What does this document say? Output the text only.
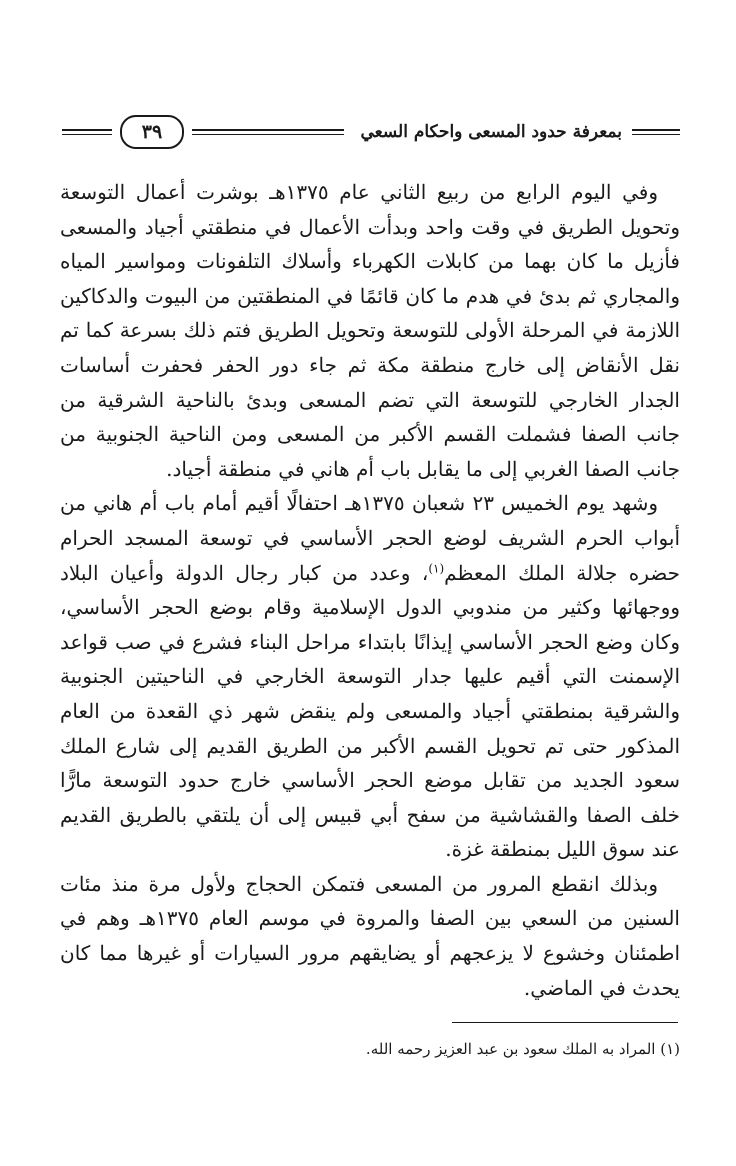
بمعرفة حدود المسعى واحكام السعي
٣٩

وفي اليوم الرابع من ربيع الثاني عام ١٣٧٥هـ بوشرت أعمال التوسعة وتحويل الطريق في وقت واحد وبدأت الأعمال في منطقتي أجياد والمسعى فأزيل ما كان بهما من كابلات الكهرباء وأسلاك التلفونات ومواسير المياه والمجاري ثم بدئ في هدم ما كان قائمًا في المنطقتين من البيوت والدكاكين اللازمة في المرحلة الأولى للتوسعة وتحويل الطريق فتم ذلك بسرعة كما تم نقل الأنقاض إلى خارج منطقة مكة ثم جاء دور الحفر فحفرت أساسات الجدار الخارجي للتوسعة التي تضم المسعى وبدئ بالناحية الشرقية من جانب الصفا فشملت القسم الأكبر من المسعى ومن الناحية الجنوبية من جانب الصفا الغربي إلى ما يقابل باب أم هاني في منطقة أجياد.

وشهد يوم الخميس ٢٣ شعبان ١٣٧٥هـ احتفالًا أقيم أمام باب أم هاني من أبواب الحرم الشريف لوضع الحجر الأساسي في توسعة المسجد الحرام حضره جلالة الملك المعظم$^{(١)}$، وعدد من كبار رجال الدولة وأعيان البلاد ووجهائها وكثير من مندوبي الدول الإسلامية وقام بوضع الحجر الأساسي، وكان وضع الحجر الأساسي إيذانًا بابتداء مراحل البناء فشرع في صب قواعد الإسمنت التي أقيم عليها جدار التوسعة الخارجي في الناحيتين الجنوبية والشرقية بمنطقتي أجياد والمسعى ولم ينقض شهر ذي القعدة من العام المذكور حتى تم تحويل القسم الأكبر من الطريق القديم إلى شارع الملك سعود الجديد من تقابل موضع الحجر الأساسي خارج حدود التوسعة مارًّا خلف الصفا والقشاشية من سفح أبي قبيس إلى أن يلتقي بالطريق القديم عند سوق الليل بمنطقة غزة.

وبذلك انقطع المرور من المسعى فتمكن الحجاج ولأول مرة منذ مئات السنين من السعي بين الصفا والمروة في موسم العام ١٣٧٥هـ وهم في اطمئنان وخشوع لا يزعجهم أو يضايقهم مرور السيارات أو غيرها مما كان يحدث في الماضي.

(١) المراد به الملك سعود بن عبد العزيز رحمه الله.
